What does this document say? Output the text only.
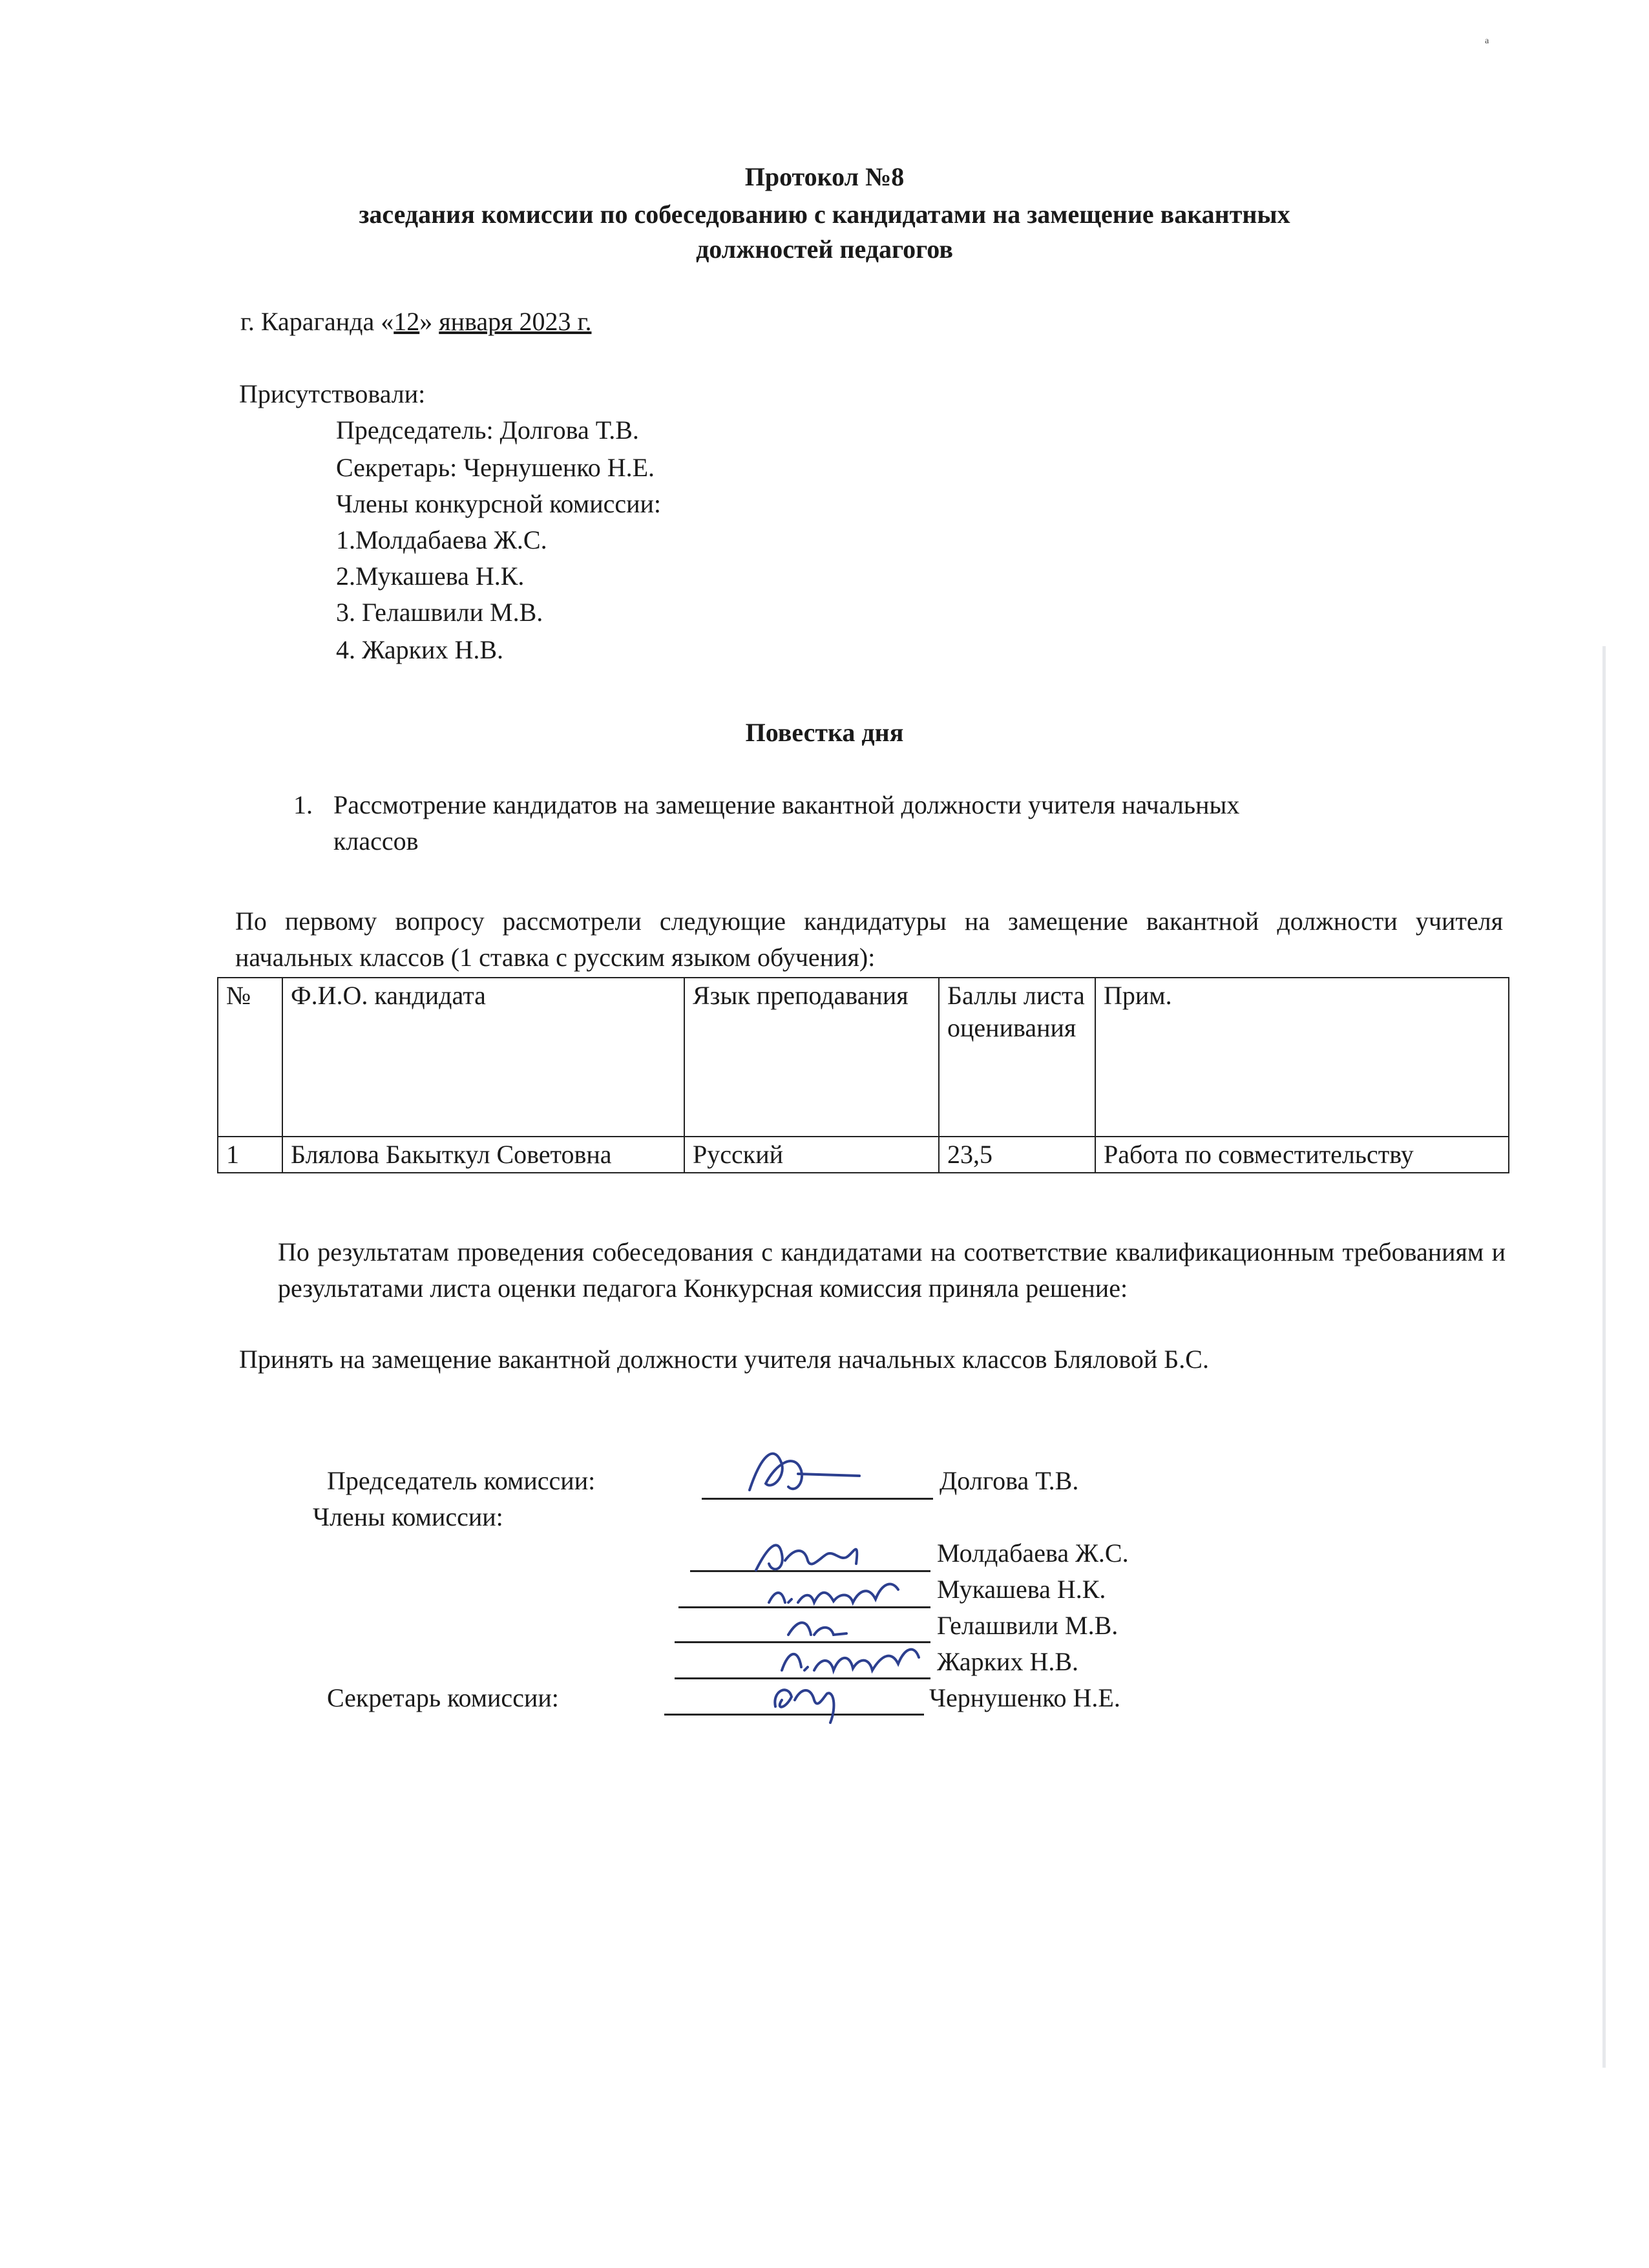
а
Протокол №8
заседания комиссии по собеседованию с кандидатами на замещение вакантных
должностей педагогов
г. Караганда «12» января 2023 г.
Присутствовали:
Председатель: Долгова Т.В.
Секретарь: Чернушенко Н.Е.
Члены конкурсной комиссии:
1.Молдабаева Ж.С.
2.Мукашева Н.К.
3. Гелашвили М.В.
4. Жарких Н.В.
Повестка дня
1. Рассмотрение кандидатов на замещение вакантной должности учителя начальных
классов
По первому вопросу рассмотрели следующие кандидатуры на замещение вакантной должности учителя начальных классов (1 ставка с русским языком обучения):
№	Ф.И.О. кандидата	Язык преподавания	Баллы листа оценивания	Прим.
1	Блялова Бакыткул Советовна	Русский	23,5	Работа по совместительству
По результатам проведения собеседования с кандидатами на соответствие квалификационным требованиям и результатами листа оценки педагога Конкурсная комиссия приняла решение:
Принять на замещение вакантной должности учителя начальных классов Бляловой Б.С.
Председатель комиссии:	Долгова Т.В.
Члены комиссии:
Молдабаева Ж.С.
Мукашева Н.К.
Гелашвили М.В.
Жарких Н.В.
Секретарь комиссии:	Чернушенко Н.Е.
